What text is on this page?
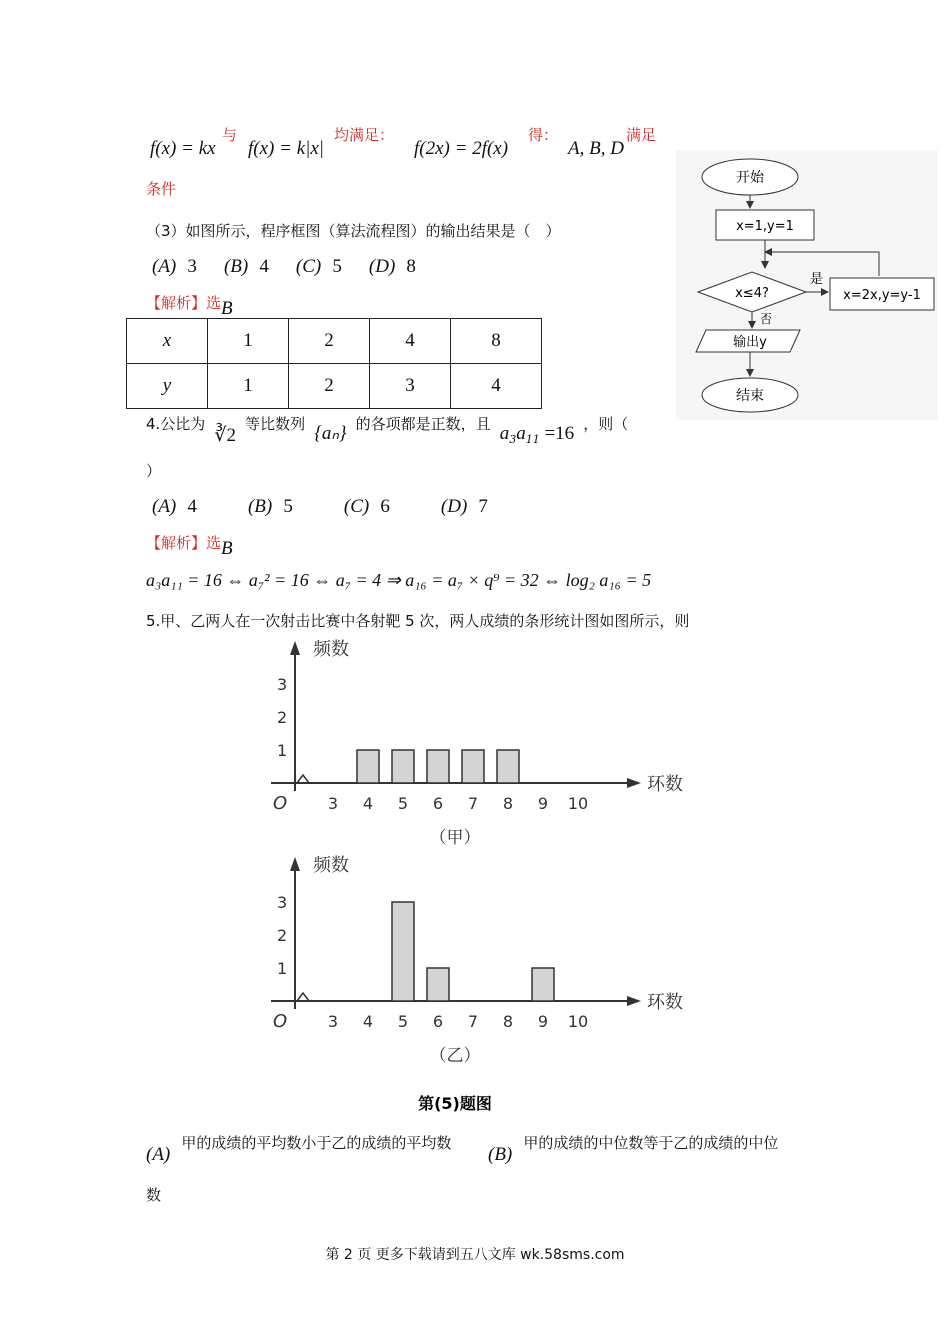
f(x) = kx
与
f(x) = k|x|
均满足：
f(2x) = 2f(x)
得：
A, B, D
满足
条件
（3）如图所示，程序框图（算法流程图）的输出结果是（　）
(A) 3 (B) 4 (C) 5 (D) 8
【解析】选B
x	1	2	4	8
y	1	2	3	4
开始
x=1,y=1
x≤4?
是
x=2x,y=y-1
否
输出y
结束
4.公比为 ∛2 等比数列 {aₙ} 的各项都是正数，且 $a_3a_{11} =16$ ，则（
）
(A) 4	(B) 5	(C) 6	(D) 7
【解析】选B
a₃a₁₁ = 16 ⇔ a₇² = 16 ⇔ a₇ = 4 ⇒ a₁₆ = a₇ × q⁹ = 32 ⇔ log₂ a₁₆ = 5
5.甲、乙两人在一次射击比赛中各射靶 5 次，两人成绩的条形统计图如图所示，则
频数
环数
O
1
2
3
3 4 5 6 7 8 9 10
（甲）
频数
环数
O
1
2
3
3 4 5 6 7 8 9 10
（乙）
第(5)题图
(A) 甲的成绩的平均数小于乙的成绩的平均数
(B) 甲的成绩的中位数等于乙的成绩的中位
数
第 2 页 更多下载请到五八文库 wk.58sms.com
